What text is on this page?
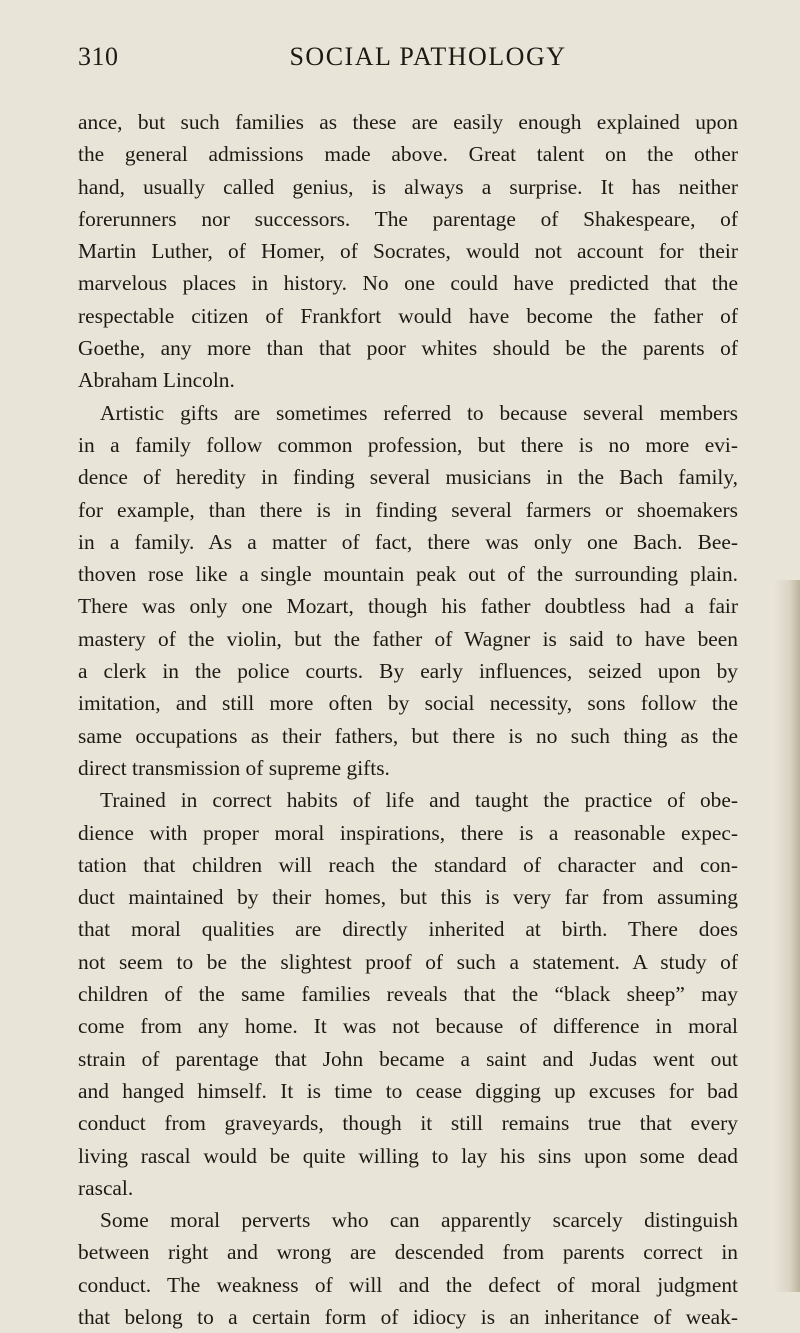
310	SOCIAL PATHOLOGY
ance, but such families as these are easily enough explained upon
the general admissions made above. Great talent on the other
hand, usually called genius, is always a surprise. It has neither
forerunners nor successors. The parentage of Shakespeare, of
Martin Luther, of Homer, of Socrates, would not account for their
marvelous places in history. No one could have predicted that the
respectable citizen of Frankfort would have become the father of
Goethe, any more than that poor whites should be the parents of
Abraham Lincoln.
Artistic gifts are sometimes referred to because several members
in a family follow common profession, but there is no more evi-
dence of heredity in finding several musicians in the Bach family,
for example, than there is in finding several farmers or shoemakers
in a family. As a matter of fact, there was only one Bach. Bee-
thoven rose like a single mountain peak out of the surrounding plain.
There was only one Mozart, though his father doubtless had a fair
mastery of the violin, but the father of Wagner is said to have been
a clerk in the police courts. By early influences, seized upon by
imitation, and still more often by social necessity, sons follow the
same occupations as their fathers, but there is no such thing as the
direct transmission of supreme gifts.
Trained in correct habits of life and taught the practice of obe-
dience with proper moral inspirations, there is a reasonable expec-
tation that children will reach the standard of character and con-
duct maintained by their homes, but this is very far from assuming
that moral qualities are directly inherited at birth. There does
not seem to be the slightest proof of such a statement. A study of
children of the same families reveals that the “black sheep” may
come from any home. It was not because of difference in moral
strain of parentage that John became a saint and Judas went out
and hanged himself. It is time to cease digging up excuses for bad
conduct from graveyards, though it still remains true that every
living rascal would be quite willing to lay his sins upon some dead
rascal.
Some moral perverts who can apparently scarcely distinguish
between right and wrong are descended from parents correct in
conduct. The weakness of will and the defect of moral judgment
that belong to a certain form of idiocy is an inheritance of weak-
